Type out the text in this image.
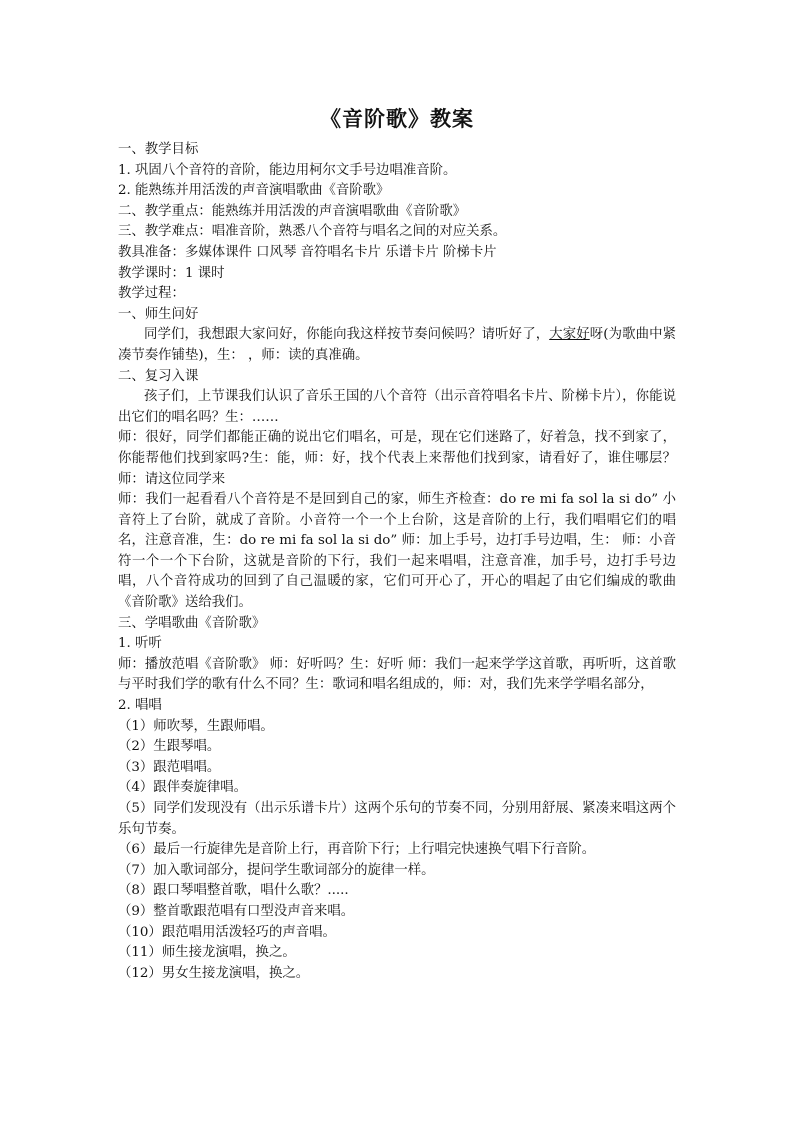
《音阶歌》教案

一、教学目标

1. 巩固八个音符的音阶，能边用柯尔文手号边唱准音阶。

2. 能熟练并用活泼的声音演唱歌曲《音阶歌》

二、教学重点：能熟练并用活泼的声音演唱歌曲《音阶歌》

三、教学难点：唱准音阶，熟悉八个音符与唱名之间的对应关系。

教具准备：多媒体课件 口风琴 音符唱名卡片 乐谱卡片 阶梯卡片

教学课时：1 课时

教学过程：

一、师生问好

同学们，我想跟大家问好，你能向我这样按节奏问候吗？请听好了，大家好呀(为歌曲中紧凑节奏作铺垫)，生： ，师：读的真准确。

二、复习入课

孩子们，上节课我们认识了音乐王国的八个音符（出示音符唱名卡片、阶梯卡片），你能说出它们的唱名吗？生：……

师：很好，同学们都能正确的说出它们唱名，可是，现在它们迷路了，好着急，找不到家了，你能帮他们找到家吗?生：能，师：好，找个代表上来帮他们找到家，请看好了，谁住哪层？师：请这位同学来

师：我们一起看看八个音符是不是回到自己的家，师生齐检查：do re mi fa sol la si do” 小音符上了台阶，就成了音阶。小音符一个一个上台阶，这是音阶的上行，我们唱唱它们的唱名，注意音准，生：do re mi fa sol la si do” 师：加上手号，边打手号边唱，生： 师：小音符一个一个下台阶，这就是音阶的下行，我们一起来唱唱，注意音准，加手号，边打手号边唱，八个音符成功的回到了自己温暖的家，它们可开心了，开心的唱起了由它们编成的歌曲《音阶歌》送给我们。

三、学唱歌曲《音阶歌》

1. 听听

师：播放范唱《音阶歌》 师：好听吗？生：好听 师：我们一起来学学这首歌，再听听，这首歌与平时我们学的歌有什么不同？生：歌词和唱名组成的，师：对，我们先来学学唱名部分，

2. 唱唱

（1）师吹琴，生跟师唱。

（2）生跟琴唱。

（3）跟范唱唱。

（4）跟伴奏旋律唱。

（5）同学们发现没有（出示乐谱卡片）这两个乐句的节奏不同，分别用舒展、紧凑来唱这两个乐句节奏。

（6）最后一行旋律先是音阶上行，再音阶下行；上行唱完快速换气唱下行音阶。

（7）加入歌词部分，提问学生歌词部分的旋律一样。

（8）跟口琴唱整首歌，唱什么歌？.....

（9）整首歌跟范唱有口型没声音来唱。

（10）跟范唱用活泼轻巧的声音唱。

（11）师生接龙演唱，换之。

（12）男女生接龙演唱，换之。
